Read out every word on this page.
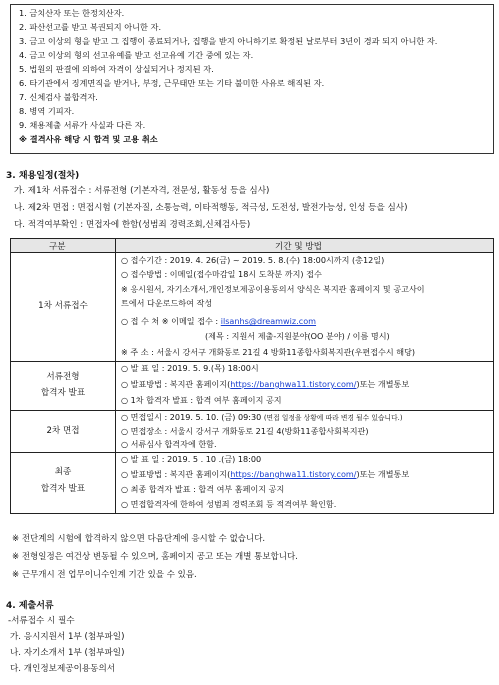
1. 금치산자 또는 한정치산자.
2. 파산선고를 받고 복권되지 아니한 자.
3. 금고 이상의 형을 받고 그 집행이 종료되거나, 집행을 받지 아니하기로 확정된 날로부터 3년이 경과 되지 아니한 자.
4. 금고 이상의 형의 선고유예를 받고 선고유예 기간 중에 있는 자.
5. 법원의 판결에 의하여 자격이 상실되거나 정지된 자.
6. 타기관에서 징계면직을 받거나, 부정, 근무태만 또는 기타 불미한 사유로 해직된 자.
7. 신체검사 불합격자.
8. 병역 기피자.
9. 채용제출 서류가 사실과 다른 자.
※ 결격사유 해당 시 합격 및 고용 취소
3. 채용일정(절차)
가. 제1차 서류접수 : 서류전형 (기본자격, 전문성, 활동성 등을 심사)
나. 제2차 면접 : 면접시험 (기본자질, 소통능력, 이타적행동, 적극성, 도전성, 발전가능성, 인성 등을 심사)
다. 적격여부확인 : 면접자에 한함(성범죄 경력조회,신체검사등)
구분	기간 및 방법
1차 서류접수
○ 접수기간 : 2019. 4. 26(금) ~ 2019. 5. 8.(수) 18:00시까지 (총12일)
○ 접수방법 : 이메일(접수마감일 18시 도착분 까지) 접수
※ 응시원서, 자기소개서,개인정보제공이용동의서 양식은 복지관 홈페이지 및 공고사이
트에서 다운로드하여 작성
○ 접 수 처 ※ 이메일 접수 : ilsanhs@dreamwiz.com
(제목 : 지원서 제출-지원분야(OO 분야) / 이름 명시)
※ 주 소 : 서울시 강서구 개화동로 21길 4 방화11종합사회복지관(우편접수시 해당)
서류전형
합격자 발표
○ 발 표 일 : 2019. 5. 9.(목) 18:00시
○ 발표방법 : 복지관 홈페이지(https://banghwa11.tistory.com/)또는 개별통보
○ 1차 합격자 발표 : 합격 여부 홈페이지 공지
2차 면접
○ 면접일시 : 2019. 5. 10. (금) 09:30 (면접 일정을 상황에 따라 변경 될수 있습니다.)
○ 면접장소 : 서울시 강서구 개화동로 21길 4(방화11종합사회복지관)
○ 서류심사 합격자에 한함.
최종
합격자 발표
○ 발 표 일 : 2019. 5 . 10 .(금) 18:00
○ 발표방법 : 복지관 홈페이지(https://banghwa11.tistory.com/)또는 개별통보
○ 최종 합격자 발표 : 합격 여부 홈페이지 공지
○ 면접합격자에 한하여 성범죄 경력조회 등 적격여부 확인함.
※ 전단계의 시험에 합격하지 않으면 다음단계에 응시할 수 없습니다.
※ 전형일정은 여건상 변동될 수 있으며, 홈페이지 공고 또는 개별 통보합니다.
※ 근무개시 전 업무이니수인계 기간 있을 수 있음.
4. 제출서류
-서류접수 시 필수
가. 응시지원서 1부 (첨부파일)
나. 자기소개서 1부 (첨부파일)
다. 개인정보제공이용동의서
